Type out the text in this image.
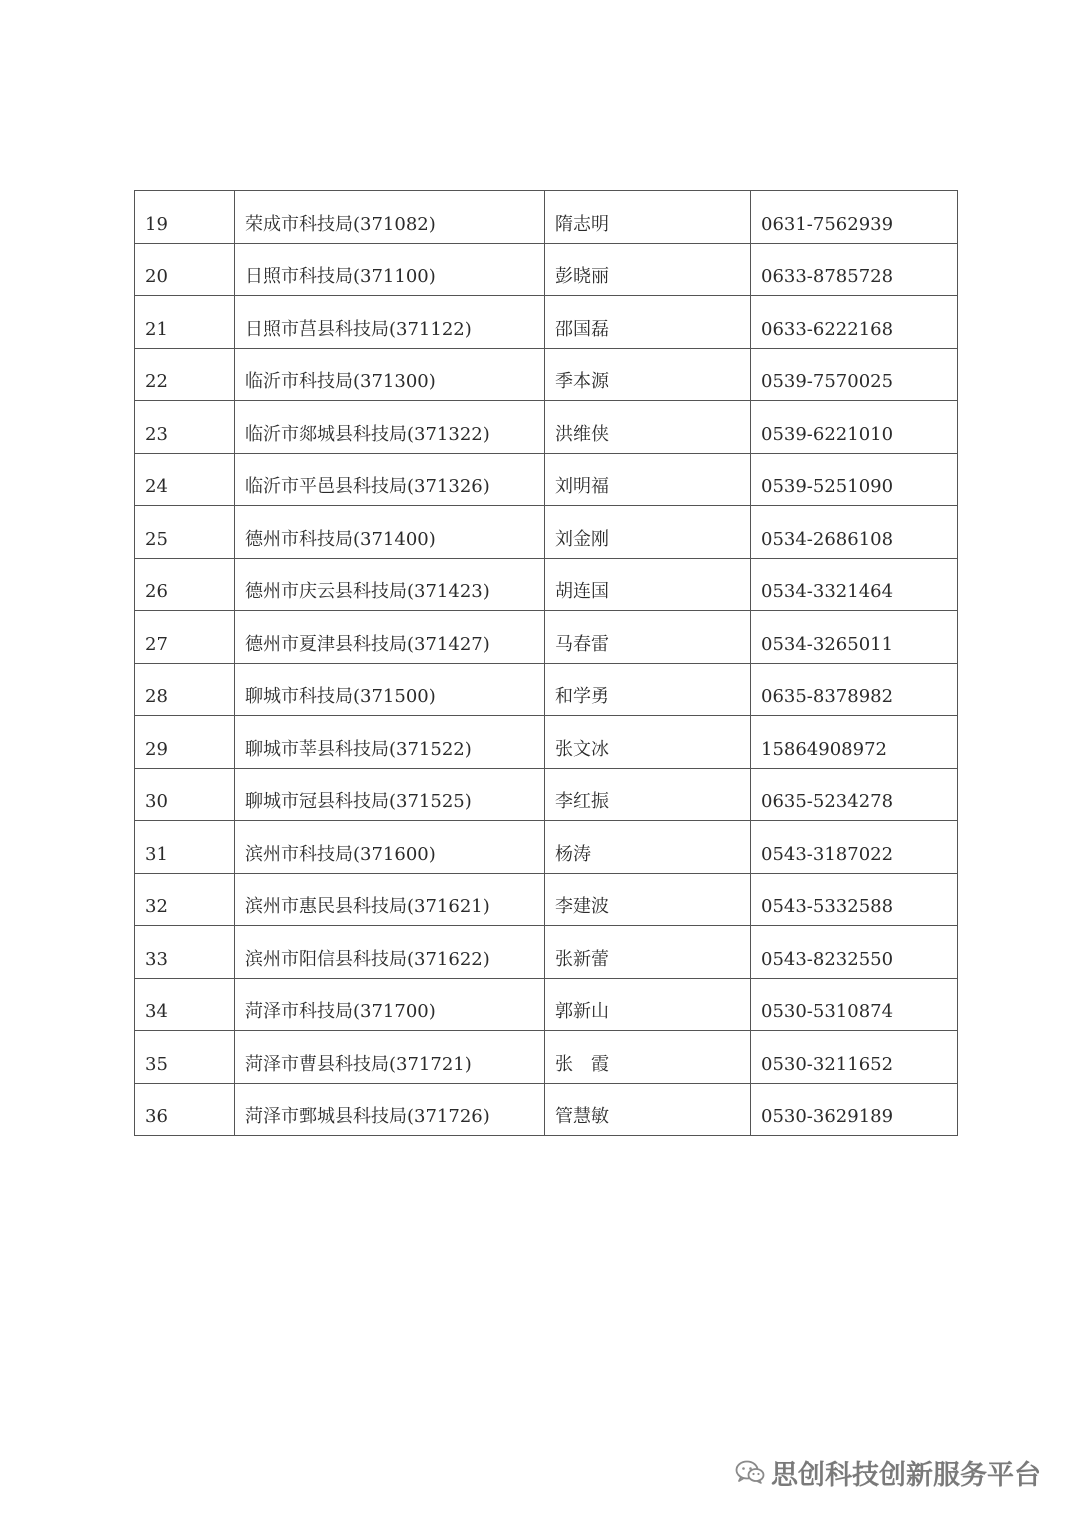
19	荣成市科技局(371082)	隋志明	0631-7562939
20	日照市科技局(371100)	彭晓丽	0633-8785728
21	日照市莒县科技局(371122)	邵国磊	0633-6222168
22	临沂市科技局(371300)	季本源	0539-7570025
23	临沂市郯城县科技局(371322)	洪维侠	0539-6221010
24	临沂市平邑县科技局(371326)	刘明福	0539-5251090
25	德州市科技局(371400)	刘金刚	0534-2686108
26	德州市庆云县科技局(371423)	胡连国	0534-3321464
27	德州市夏津县科技局(371427)	马春雷	0534-3265011
28	聊城市科技局(371500)	和学勇	0635-8378982
29	聊城市莘县科技局(371522)	张文冰	15864908972
30	聊城市冠县科技局(371525)	李红振	0635-5234278
31	滨州市科技局(371600)	杨涛	0543-3187022
32	滨州市惠民县科技局(371621)	李建波	0543-5332588
33	滨州市阳信县科技局(371622)	张新蕾	0543-8232550
34	菏泽市科技局(371700)	郭新山	0530-5310874
35	菏泽市曹县科技局(371721)	张　霞	0530-3211652
36	菏泽市鄄城县科技局(371726)	管慧敏	0530-3629189
思创科技创新服务平台
